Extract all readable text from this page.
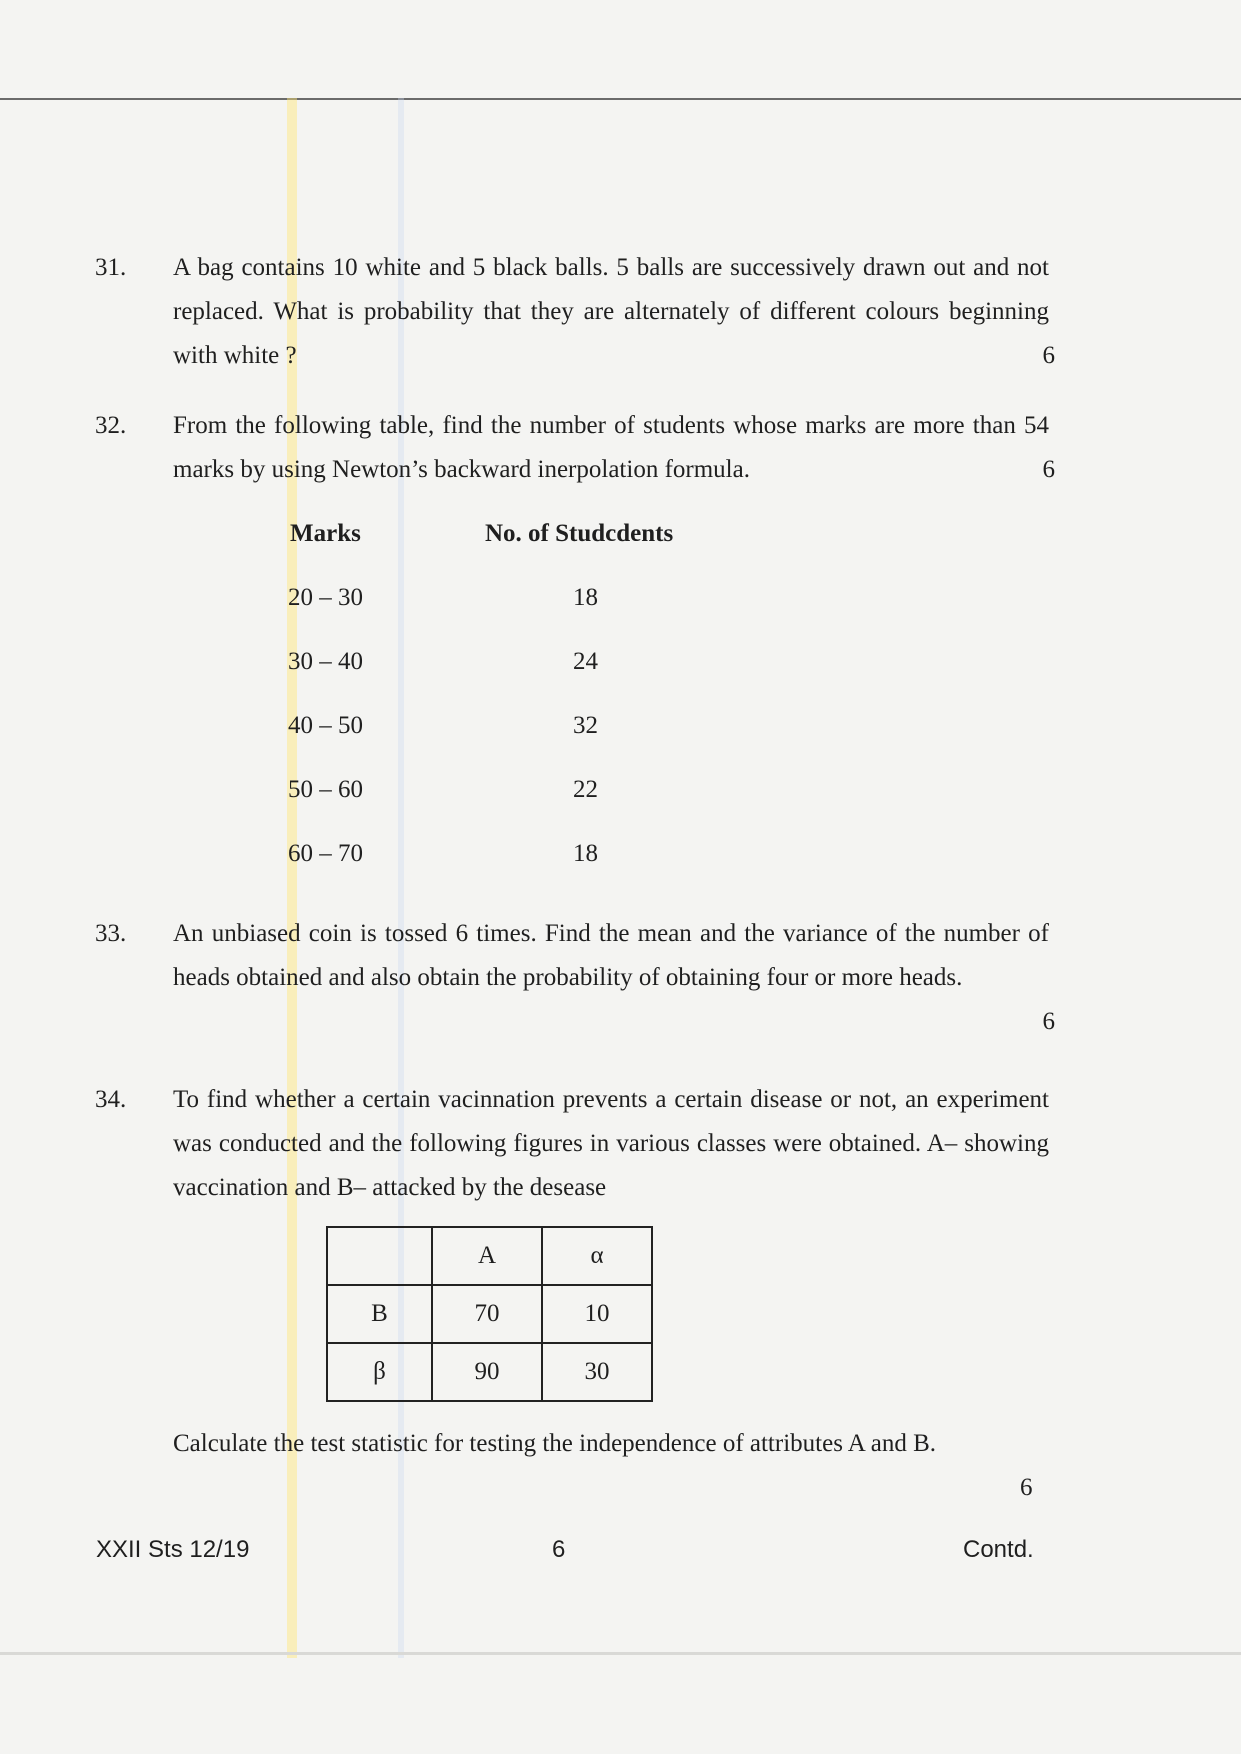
31.	A bag contains 10 white and 5 black balls. 5 balls are successively drawn out and not replaced. What is probability that they are alternately of different colours beginning with white ?	6
32.	From the following table, find the number of students whose marks are more than 54 marks by using Newton’s backward inerpolation formula.	6
Marks	No. of Studcdents
20 – 30	18
30 – 40	24
40 – 50	32
50 – 60	22
60 – 70	18
33.	An unbiased coin is tossed 6 times. Find the mean and the variance of the number of heads obtained and also obtain the probability of obtaining four or more heads.
6
34.	To find whether a certain vacinnation prevents a certain disease or not, an experiment was conducted and the following figures in various classes were obtained. A– showing vaccination and B– attacked by the desease
	A	α
B	70	10
β	90	30
Calculate the test statistic for testing the independence of attributes A and B.
6
XXII Sts 12/19	6	Contd.
